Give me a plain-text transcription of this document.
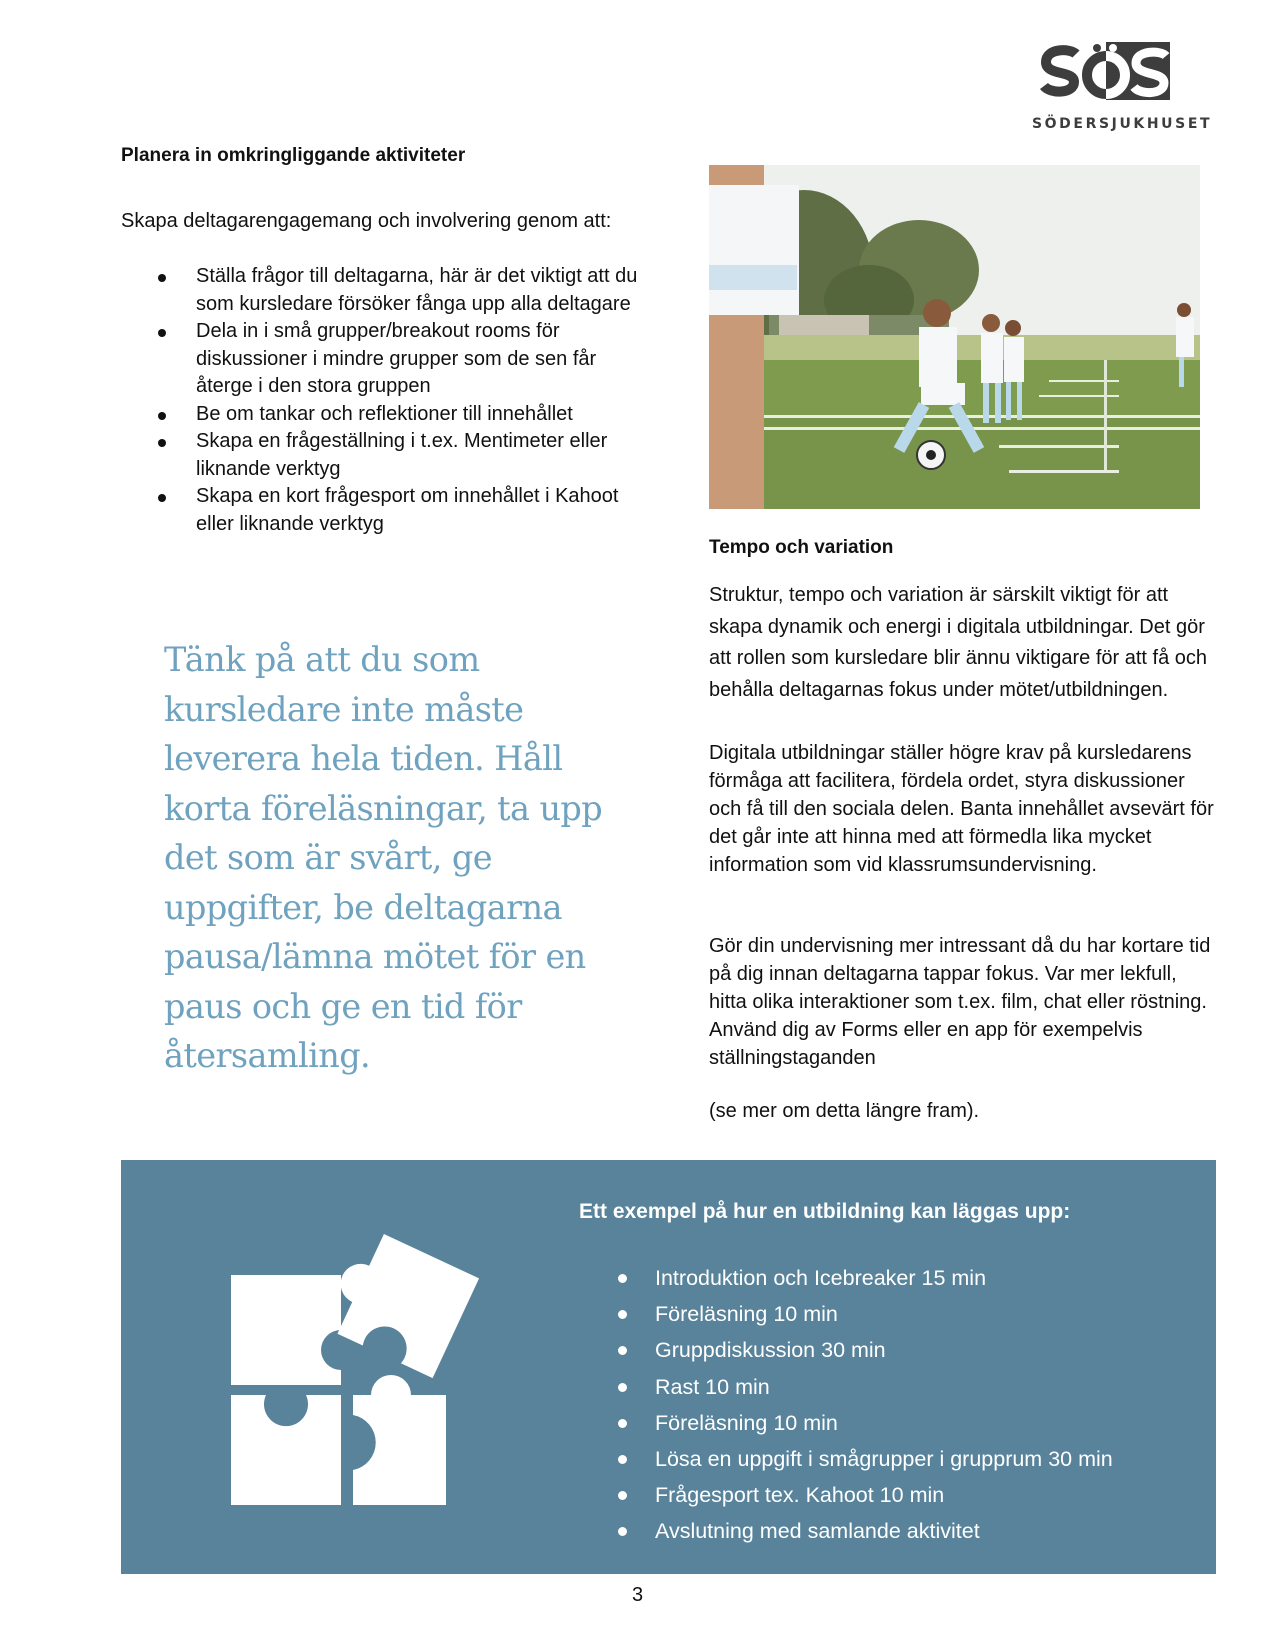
SÖDERSJUKHUSET
Planera in omkringliggande aktiviteter
Skapa deltagarengagemang och involvering genom att:
Ställa frågor till deltagarna, här är det viktigt att du som kursledare försöker fånga upp alla deltagare
Dela in i små grupper/breakout rooms för diskussioner i mindre grupper som de sen får återge i den stora gruppen
Be om tankar och reflektioner till innehållet
Skapa en frågeställning i t.ex. Mentimeter eller liknande verktyg
Skapa en kort frågesport om innehållet i Kahoot eller liknande verktyg
Tänk på att du som kursledare inte måste leverera hela tiden. Håll korta föreläsningar, ta upp det som är svårt, ge uppgifter, be deltagarna pausa/lämna mötet för en paus och ge en tid för återsamling.
Tempo och variation
Struktur, tempo och variation är särskilt viktigt för att skapa dynamik och energi i digitala utbildningar. Det gör att rollen som kursledare blir ännu viktigare för att få och behålla deltagarnas fokus under mötet/utbildningen.
Digitala utbildningar ställer högre krav på kursledarens förmåga att facilitera, fördela ordet, styra diskussioner och få till den sociala delen. Banta innehållet avsevärt för det går inte att hinna med att förmedla lika mycket information som vid klassrumsundervisning.
Gör din undervisning mer intressant då du har kortare tid på dig innan deltagarna tappar fokus. Var mer lekfull, hitta olika interaktioner som t.ex. film, chat eller röstning. Använd dig av Forms eller en app för exempelvis ställningstaganden
(se mer om detta längre fram).
Ett exempel på hur en utbildning kan läggas upp:
Introduktion och Icebreaker 15 min
Föreläsning 10 min
Gruppdiskussion 30 min
Rast 10 min
Föreläsning 10 min
Lösa en uppgift i smågrupper i grupprum 30 min
Frågesport tex. Kahoot 10 min
Avslutning med samlande aktivitet
3
